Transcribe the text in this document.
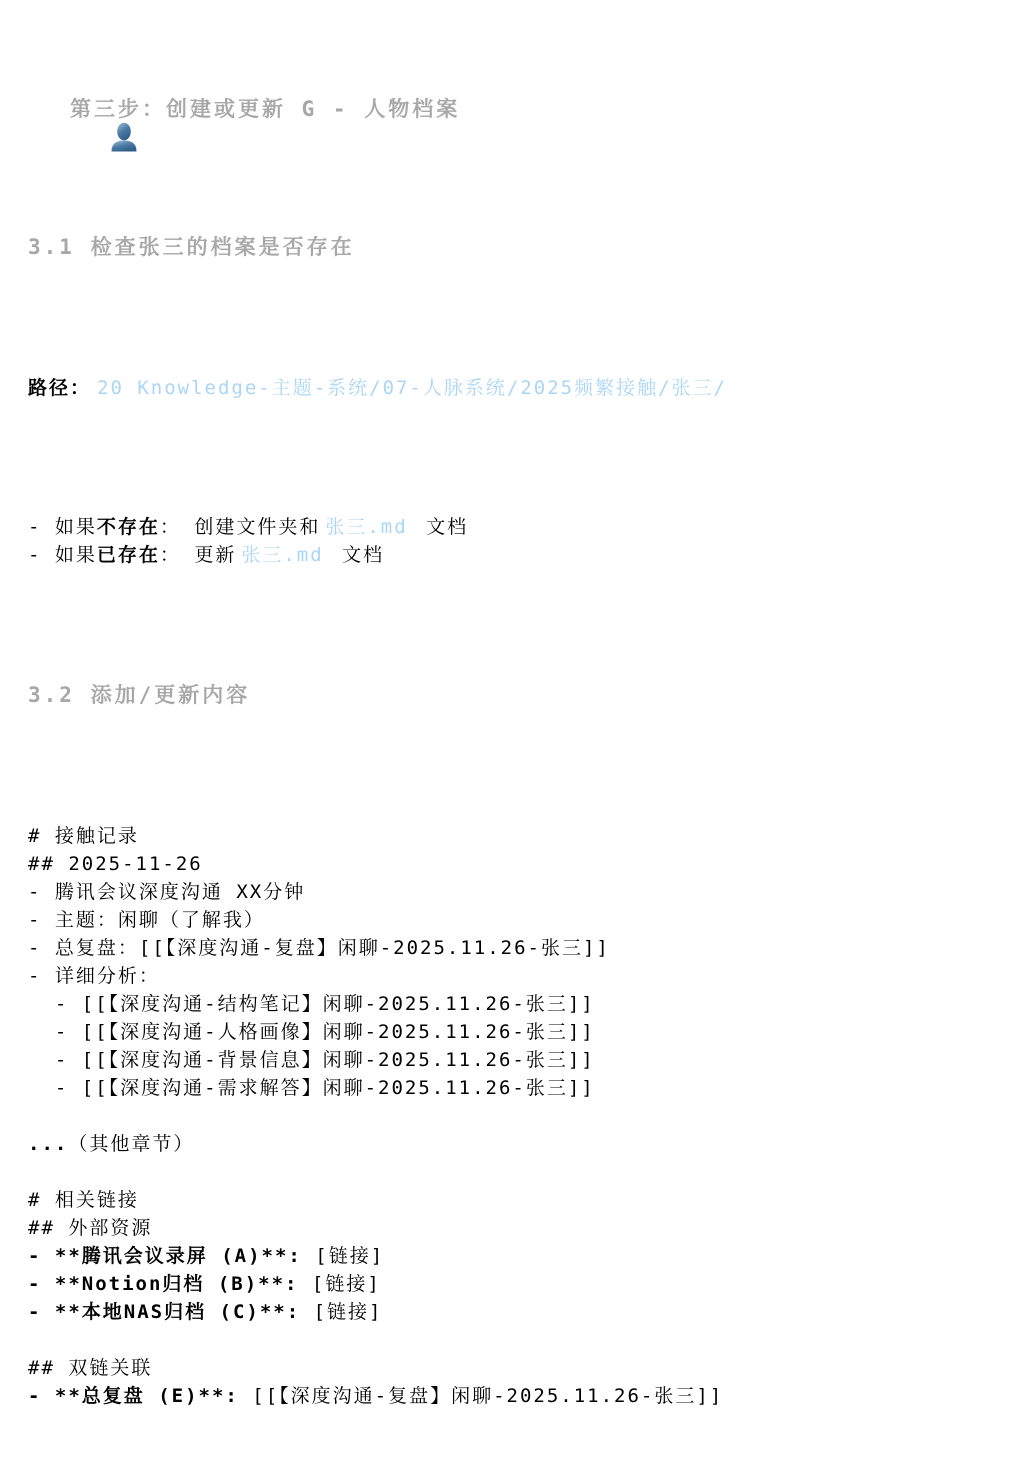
第三步：创建或更新 G - 人物档案

3.1 检查张三的档案是否存在

路径： 20 Knowledge-主题-系统/07-人脉系统/2025频繁接触/张三/

- 如果不存在： 创建文件夹和 张三.md 文档
- 如果已存在： 更新 张三.md 文档

3.2 添加/更新内容

# 接触记录
## 2025-11-26
- 腾讯会议深度沟通 XX分钟
- 主题：闲聊（了解我）
- 总复盘：[[【深度沟通-复盘】闲聊-2025.11.26-张三]]
- 详细分析：
- [[【深度沟通-结构笔记】闲聊-2025.11.26-张三]]
- [[【深度沟通-人格画像】闲聊-2025.11.26-张三]]
- [[【深度沟通-背景信息】闲聊-2025.11.26-张三]]
- [[【深度沟通-需求解答】闲聊-2025.11.26-张三]]
...（其他章节）
# 相关链接
## 外部资源
- **腾讯会议录屏 (A)**: [链接]
- **Notion归档 (B)**: [链接]
- **本地NAS归档 (C)**: [链接]
## 双链关联
- **总复盘 (E)**: [[【深度沟通-复盘】闲聊-2025.11.26-张三]]
